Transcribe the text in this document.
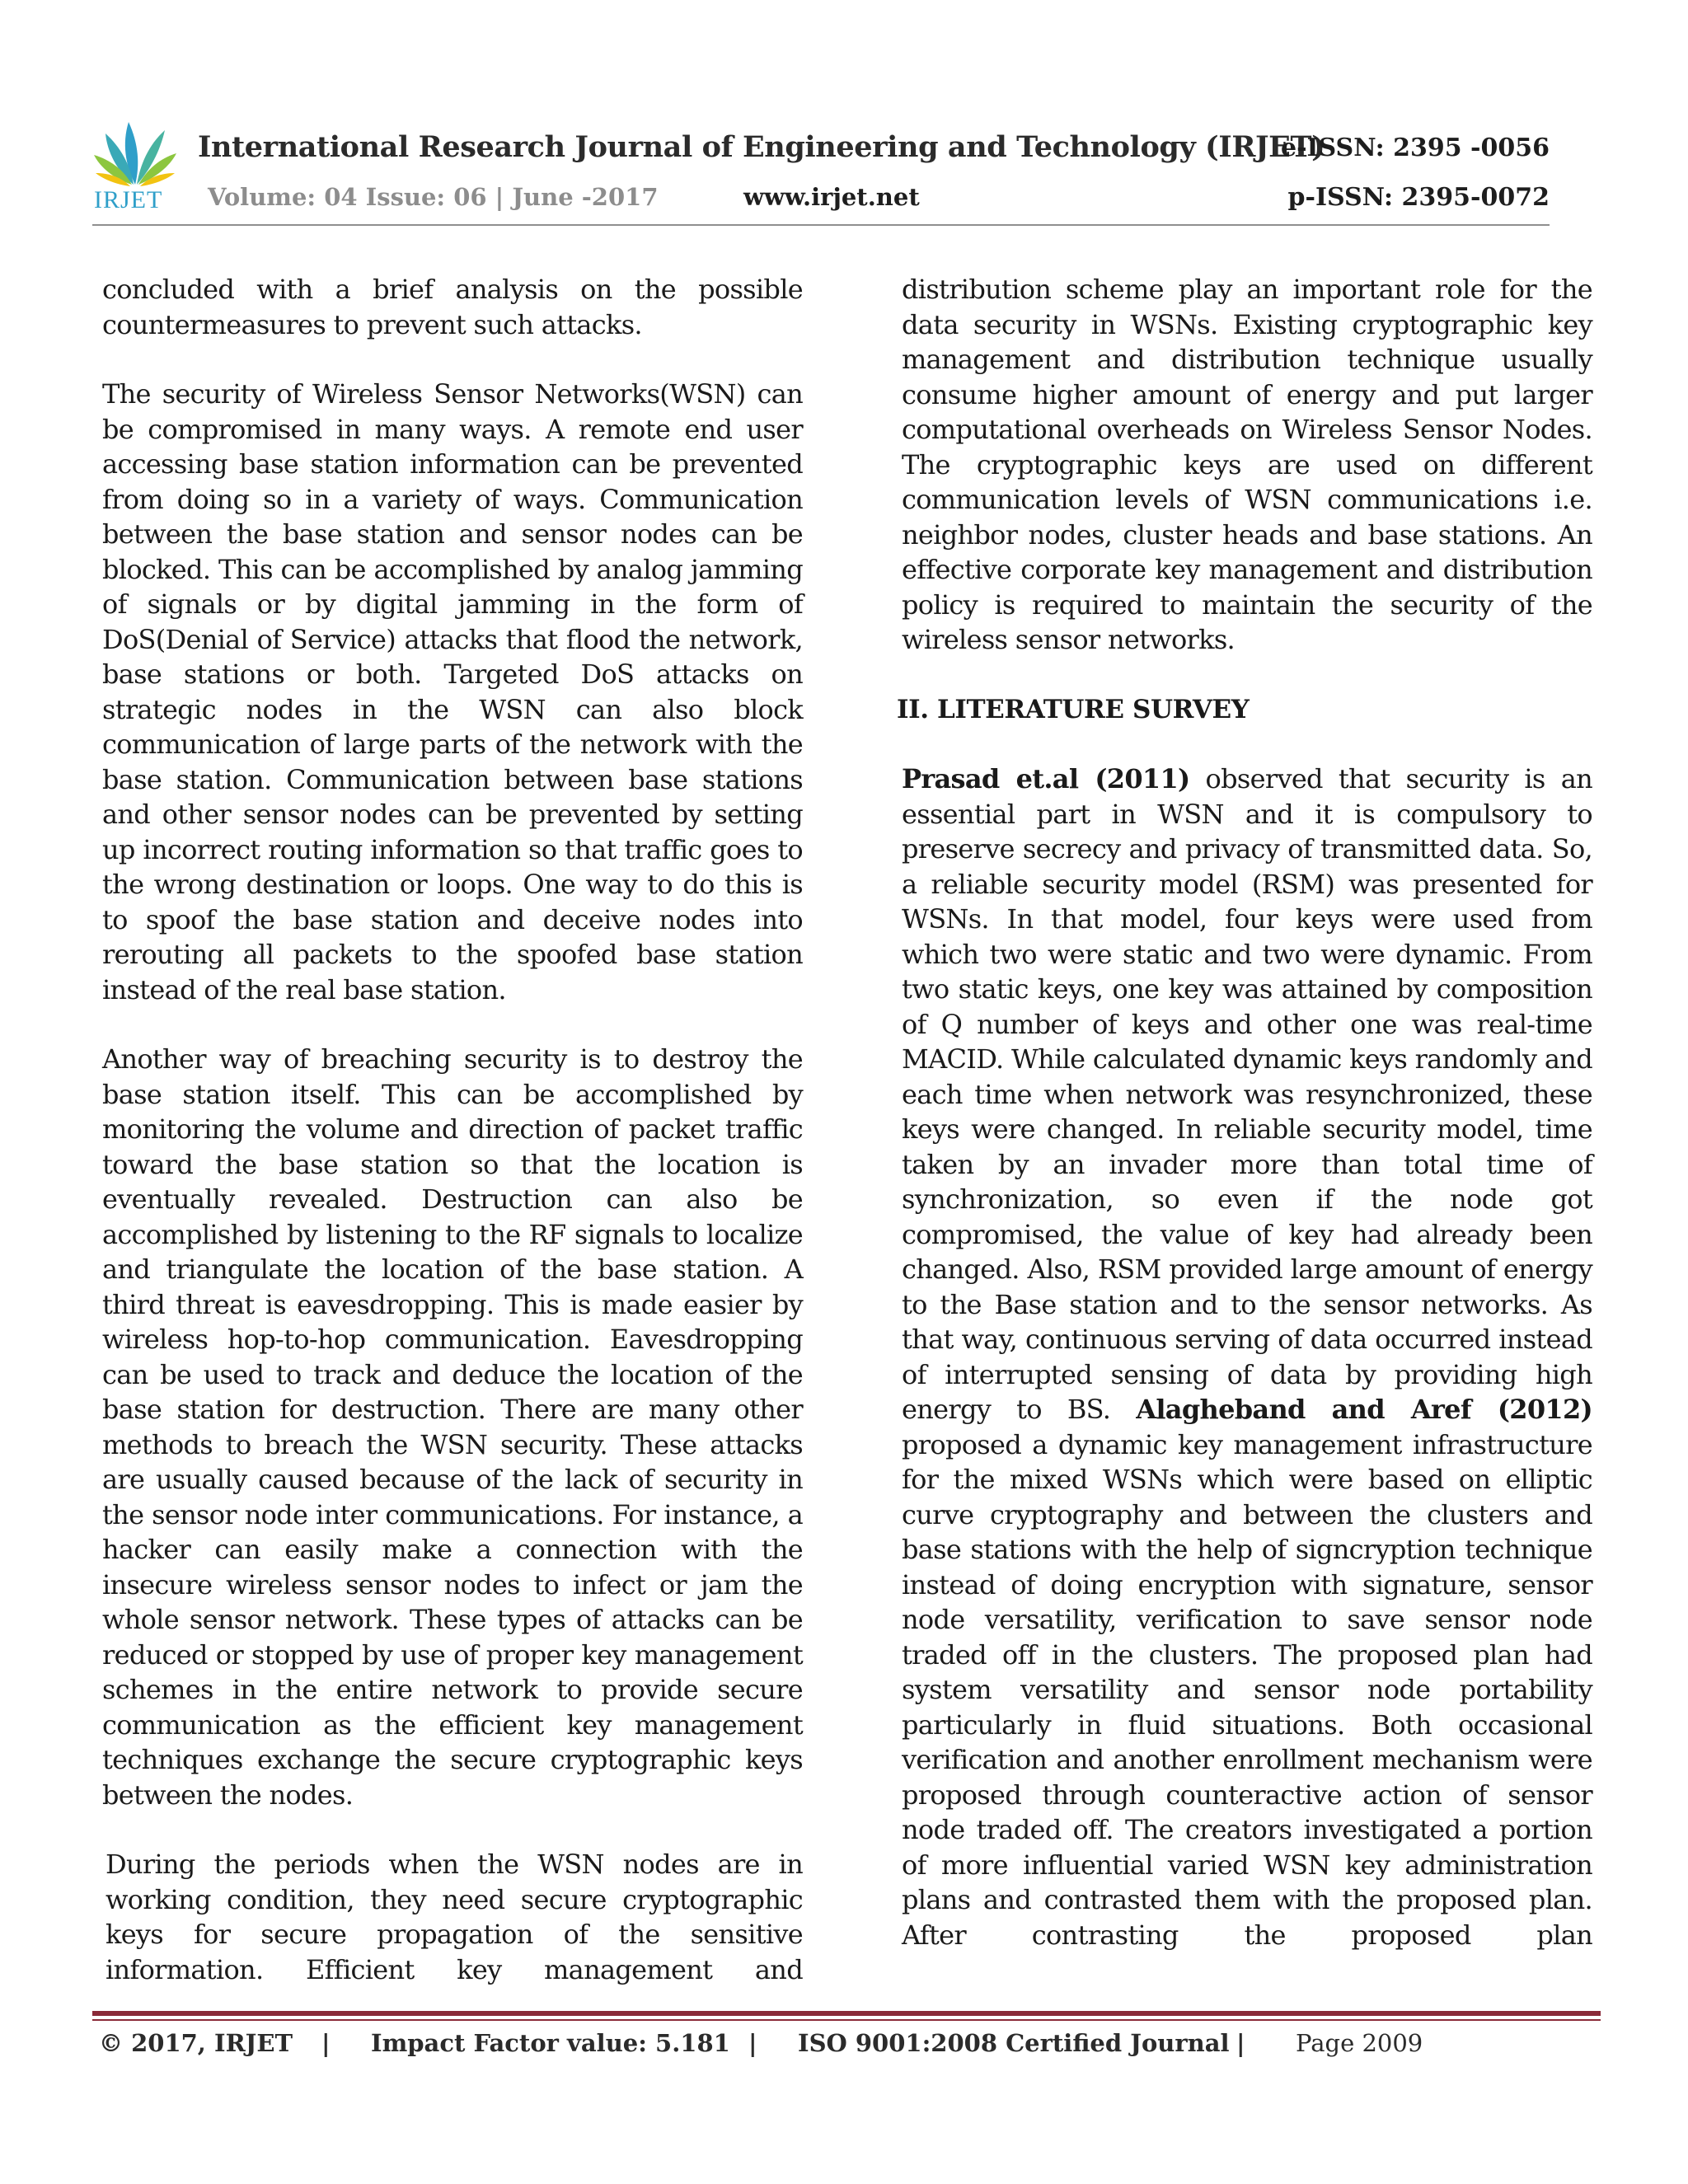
IRJET
International Research Journal of Engineering and Technology (IRJET)
e-ISSN: 2395 -0056
Volume: 04 Issue: 06 | June -2017	www.irjet.net	p-ISSN: 2395-0072

concluded with a brief analysis on the possible countermeasures to prevent such attacks.

The security of Wireless Sensor Networks(WSN) can be compromised in many ways. A remote end user accessing base station information can be prevented from doing so in a variety of ways. Communication between the base station and sensor nodes can be blocked. This can be accomplished by analog jamming of signals or by digital jamming in the form of DoS(Denial of Service) attacks that flood the network, base stations or both. Targeted DoS attacks on strategic nodes in the WSN can also block communication of large parts of the network with the base station. Communication between base stations and other sensor nodes can be prevented by setting up incorrect routing information so that traffic goes to the wrong destination or loops. One way to do this is to spoof the base station and deceive nodes into rerouting all packets to the spoofed base station instead of the real base station.

Another way of breaching security is to destroy the base station itself. This can be accomplished by monitoring the volume and direction of packet traffic toward the base station so that the location is eventually revealed. Destruction can also be accomplished by listening to the RF signals to localize and triangulate the location of the base station. A third threat is eavesdropping. This is made easier by wireless hop-to-hop communication. Eavesdropping can be used to track and deduce the location of the base station for destruction. There are many other methods to breach the WSN security. These attacks are usually caused because of the lack of security in the sensor node inter communications. For instance, a hacker can easily make a connection with the insecure wireless sensor nodes to infect or jam the whole sensor network. These types of attacks can be reduced or stopped by use of proper key management schemes in the entire network to provide secure communication as the efficient key management techniques exchange the secure cryptographic keys between the nodes.

During the periods when the WSN nodes are in working condition, they need secure cryptographic keys for secure propagation of the sensitive information. Efficient key management and

distribution scheme play an important role for the data security in WSNs. Existing cryptographic key management and distribution technique usually consume higher amount of energy and put larger computational overheads on Wireless Sensor Nodes. The cryptographic keys are used on different communication levels of WSN communications i.e. neighbor nodes, cluster heads and base stations. An effective corporate key management and distribution policy is required to maintain the security of the wireless sensor networks.

II. LITERATURE SURVEY

Prasad et.al (2011) observed that security is an essential part in WSN and it is compulsory to preserve secrecy and privacy of transmitted data. So, a reliable security model (RSM) was presented for WSNs. In that model, four keys were used from which two were static and two were dynamic. From two static keys, one key was attained by composition of Q number of keys and other one was real-time MACID. While calculated dynamic keys randomly and each time when network was resynchronized, these keys were changed. In reliable security model, time taken by an invader more than total time of synchronization, so even if the node got compromised, the value of key had already been changed. Also, RSM provided large amount of energy to the Base station and to the sensor networks. As that way, continuous serving of data occurred instead of interrupted sensing of data by providing high energy to BS. Alagheband and Aref (2012) proposed a dynamic key management infrastructure for the mixed WSNs which were based on elliptic curve cryptography and between the clusters and base stations with the help of signcryption technique instead of doing encryption with signature, sensor node versatility, verification to save sensor node traded off in the clusters. The proposed plan had system versatility and sensor node portability particularly in fluid situations. Both occasional verification and another enrollment mechanism were proposed through counteractive action of sensor node traded off. The creators investigated a portion of more influential varied WSN key administration plans and contrasted them with the proposed plan. After contrasting the proposed plan

© 2017, IRJET | Impact Factor value: 5.181 | ISO 9001:2008 Certified Journal | Page 2009
